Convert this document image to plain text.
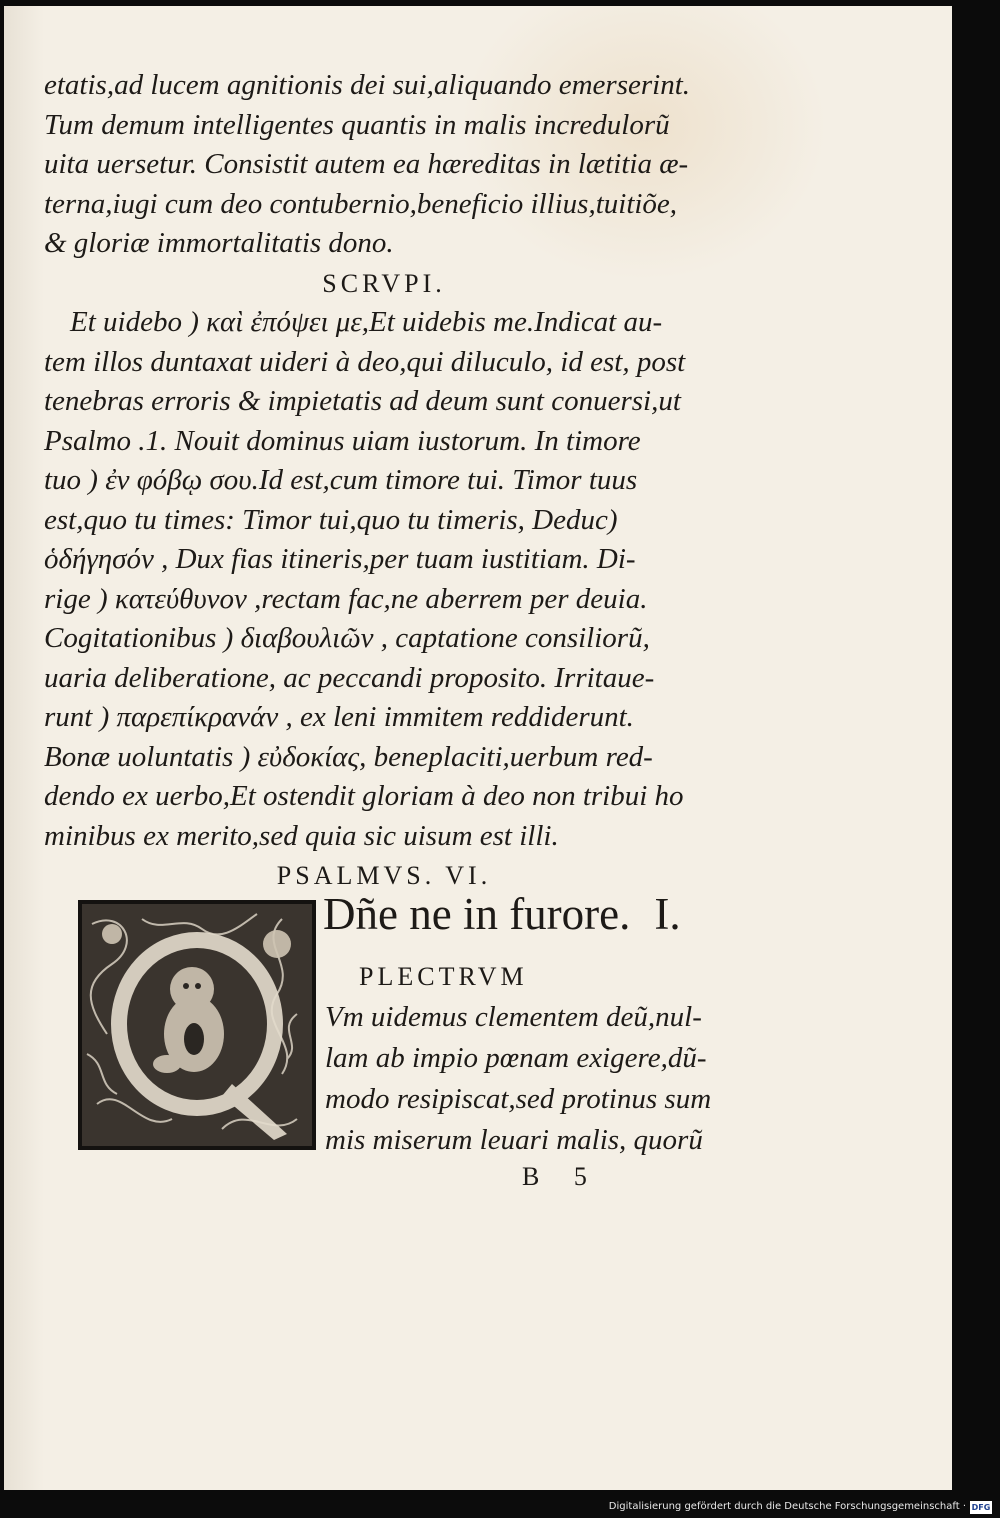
etatis,ad lucem agnitionis dei sui,aliquando emerserint.
Tum demum intelligentes quantis in malis incredulorũ
uita uersetur. Consistit autem ea hæreditas in lætitia æ-
terna,iugi cum deo contubernio,beneficio illius,tuitiõe,
& gloriæ immortalitatis dono.
SCRVPI.
Et uidebo ) καὶ ἐπόψει με,Et uidebis me.Indicat au-
tem illos duntaxat uideri à deo,qui diluculo, id est, post
tenebras erroris & impietatis ad deum sunt conuersi,ut
Psalmo .1. Nouit dominus uiam iustorum. In timore
tuo ) ἐν φόβῳ σου.Id est,cum timore tui. Timor tuus
est,quo tu times: Timor tui,quo tu timeris, Deduc)
ὁδήγησόν , Dux fias itineris,per tuam iustitiam. Di-
rige ) κατεύθυνον ,rectam fac,ne aberrem per deuia.
Cogitationibus ) διαβουλιῶν , captatione consiliorũ,
uaria deliberatione, ac peccandi proposito. Irritaue-
runt ) παρεπίκρανάν , ex leni immitem reddiderunt.
Bonæ uoluntatis ) εὐδοκίας, beneplaciti,uerbum red-
dendo ex uerbo,Et ostendit gloriam à deo non tribui ho
minibus ex merito,sed quia sic uisum est illi.
PSALMVS. VI.
Dñe ne in furore. I.
PLECTRVM
Vm uidemus clementem deũ,nul-
lam ab impio pœnam exigere,dũ-
modo resipiscat,sed protinus sum
mis miserum leuari malis, quorũ
B 5
Digitalisierung gefördert durch die Deutsche Forschungsgemeinschaft · DFG
